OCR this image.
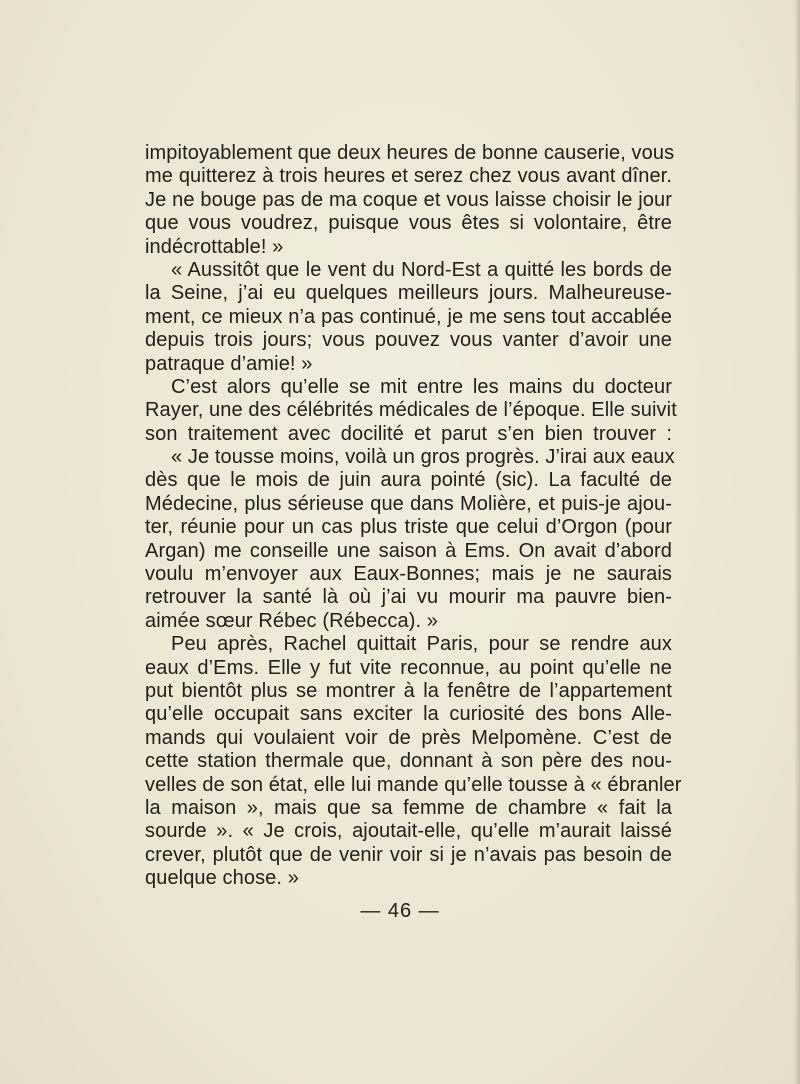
impitoyablement que deux heures de bonne causerie, vous
me quitterez à trois heures et serez chez vous avant dîner.
Je ne bouge pas de ma coque et vous laisse choisir le jour
que vous voudrez, puisque vous êtes si volontaire, être
indécrottable! »
« Aussitôt que le vent du Nord-Est a quitté les bords de
la Seine, j’ai eu quelques meilleurs jours. Malheureuse-
ment, ce mieux n’a pas continué, je me sens tout accablée
depuis trois jours; vous pouvez vous vanter d’avoir une
patraque d’amie! »
C’est alors qu’elle se mit entre les mains du docteur
Rayer, une des célébrités médicales de l’époque. Elle suivit
son traitement avec docilité et parut s’en bien trouver :
« Je tousse moins, voilà un gros progrès. J’irai aux eaux
dès que le mois de juin aura pointé (sic). La faculté de
Médecine, plus sérieuse que dans Molière, et puis-je ajou-
ter, réunie pour un cas plus triste que celui d’Orgon (pour
Argan) me conseille une saison à Ems. On avait d’abord
voulu m’envoyer aux Eaux-Bonnes; mais je ne saurais
retrouver la santé là où j’ai vu mourir ma pauvre bien-
aimée sœur Rébec (Rébecca). »
Peu après, Rachel quittait Paris, pour se rendre aux
eaux d’Ems. Elle y fut vite reconnue, au point qu’elle ne
put bientôt plus se montrer à la fenêtre de l’appartement
qu’elle occupait sans exciter la curiosité des bons Alle-
mands qui voulaient voir de près Melpomène. C’est de
cette station thermale que, donnant à son père des nou-
velles de son état, elle lui mande qu’elle tousse à « ébranler
la maison », mais que sa femme de chambre « fait la
sourde ». « Je crois, ajoutait-elle, qu’elle m’aurait laissé
crever, plutôt que de venir voir si je n’avais pas besoin de
quelque chose. »
— 46 —
